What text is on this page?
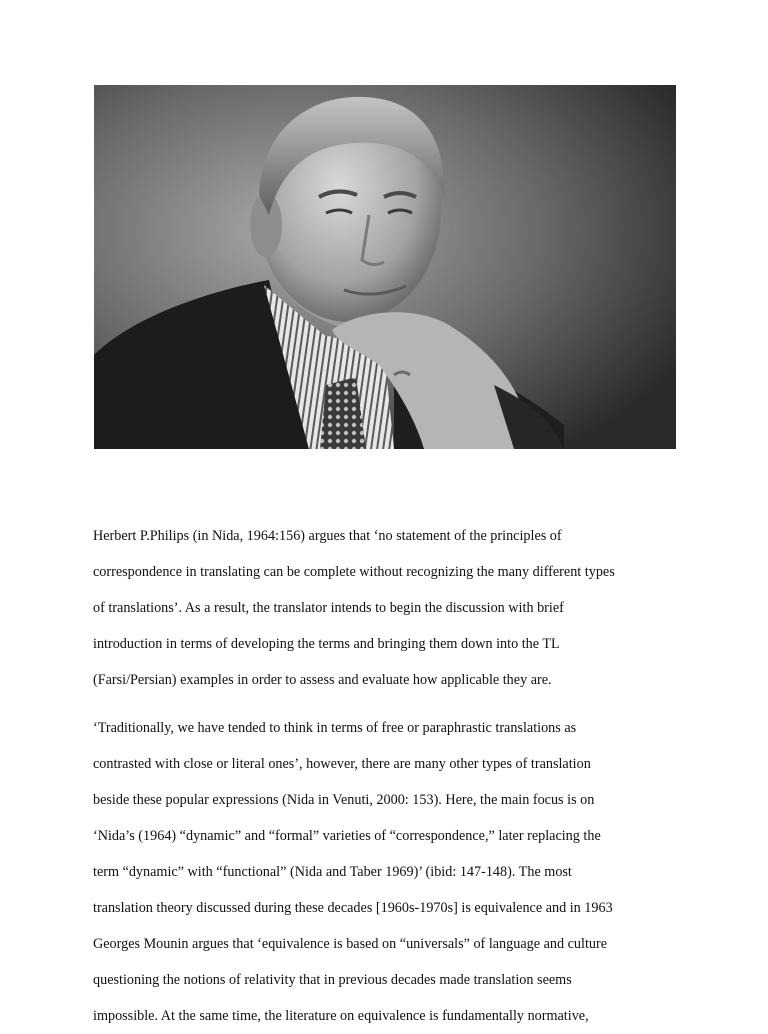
Herbert P.Philips (in Nida, 1964:156) argues that ‘no statement of the principles of

correspondence in translating can be complete without recognizing the many different types

of translations’. As a result, the translator intends to begin the discussion with brief

introduction in terms of developing the terms and bringing them down into the TL

(Farsi/Persian) examples in order to assess and evaluate how applicable they are.

‘Traditionally, we have tended to think in terms of free or paraphrastic translations as

contrasted with close or literal ones’, however, there are many other types of translation

beside these popular expressions (Nida in Venuti, 2000: 153). Here, the main focus is on

‘Nida’s (1964) “dynamic” and “formal” varieties of “correspondence,” later replacing the

term “dynamic” with “functional” (Nida and Taber 1969)’ (ibid: 147-148). The most

translation theory discussed during these decades [1960s-1970s] is equivalence and in 1963

Georges Mounin argues that ‘equivalence is based on “universals” of language and culture

questioning the notions of relativity that in previous decades made translation seems

impossible. At the same time, the literature on equivalence is fundamentally normative,
